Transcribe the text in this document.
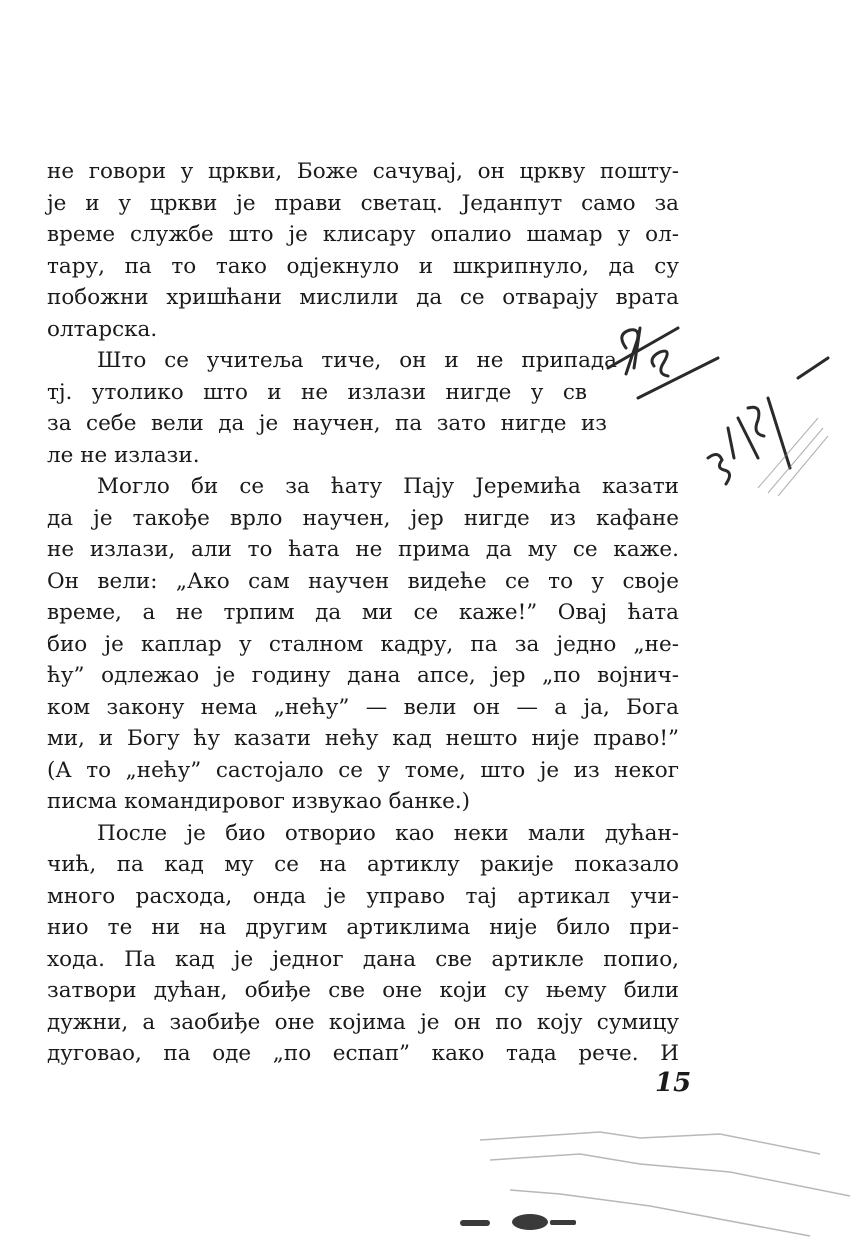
не говори у цркви, Боже сачувај, он цркву пошту-
је и у цркви је прави светац. Једанпут само за
време службе што је клисару опалио шамар у ол-
тару, па то тако одјекнуло и шкрипнуло, да су
побожни хришћани мислили да се отварају врата
олтарска.
Што се учитеља тиче, он и не припада
тј. утолико што и не излази нигде у св
за себе вели да је научен, па зато нигде из
ле не излази.
Могло би се за ћату Пају Јеремића казати
да је такође врло научен, јер нигде из кафане
не излази, али то ћата не прима да му се каже.
Он вели: „Ако сам научен видеће се то у своје
време, а не трпим да ми се каже!” Овај ћата
био је каплар у сталном кадру, па за једно „не-
ћу” одлежао је годину дана апсе, јер „по војнич-
ком закону нема „нећу” — вели он — а ја, Бога
ми, и Богу ћу казати нећу кад нешто није право!”
(А то „нећу” састојало се у томе, што је из неког
писма командировог извукао банке.)
После је био отворио као неки мали дућан-
чић, па кад му се на артиклу ракије показало
много расхода, онда је управо тај артикал учи-
нио те ни на другим артиклима није било при-
хода. Па кад је једног дана све артикле попио,
затвори дућан, обиђе све оне који су њему били
дужни, а заобиђе оне којима је он по коју сумицу
дуговао, па оде „по еспап” како тада рече. И
15
